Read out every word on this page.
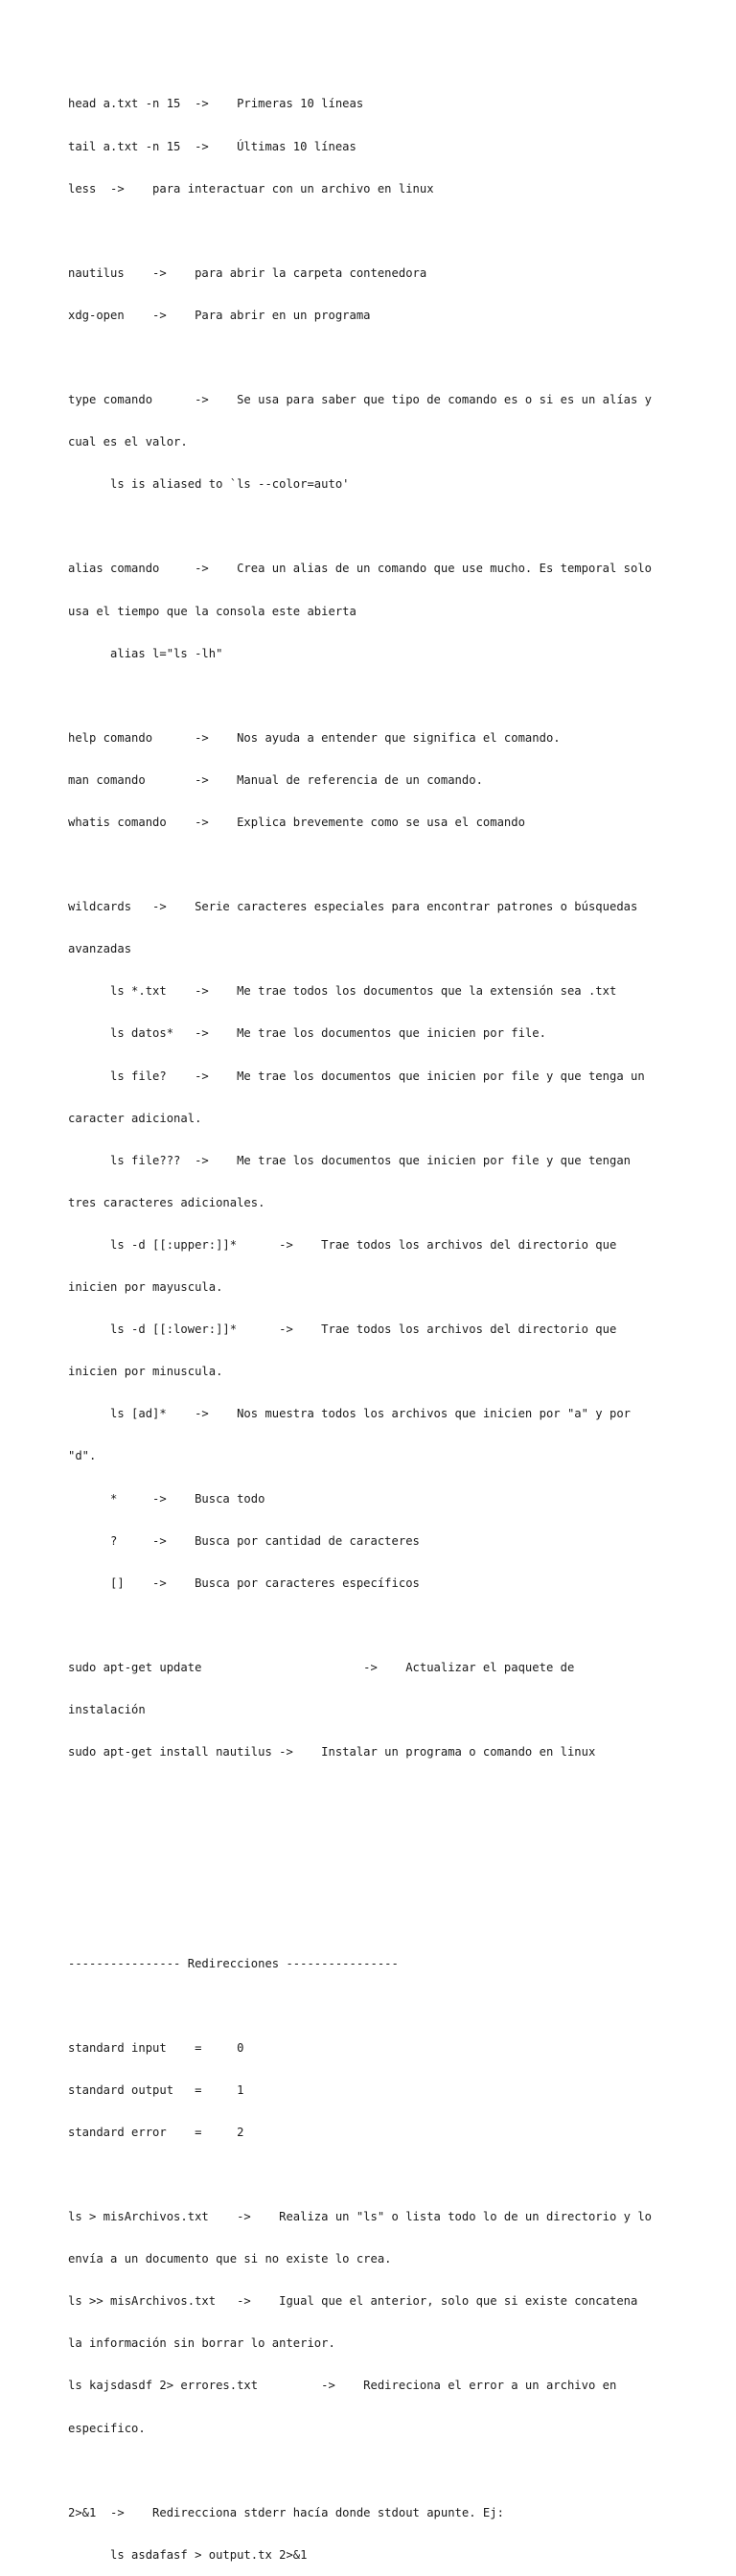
head a.txt -n 15  ->    Primeras 10 líneas

tail a.txt -n 15  ->    Últimas 10 líneas

less  ->    para interactuar con un archivo en linux

nautilus    ->    para abrir la carpeta contenedora

xdg-open    ->    Para abrir en un programa

type comando      ->    Se usa para saber que tipo de comando es o si es un alías y

cual es el valor.

ls is aliased to `ls --color=auto'

alias comando     ->    Crea un alias de un comando que use mucho. Es temporal solo

usa el tiempo que la consola este abierta

alias l="ls -lh"

help comando      ->    Nos ayuda a entender que significa el comando.

man comando       ->    Manual de referencia de un comando.

whatis comando    ->    Explica brevemente como se usa el comando

wildcards   ->    Serie caracteres especiales para encontrar patrones o búsquedas

avanzadas

ls *.txt    ->    Me trae todos los documentos que la extensión sea .txt

ls datos*   ->    Me trae los documentos que inicien por file.

ls file?    ->    Me trae los documentos que inicien por file y que tenga un

caracter adicional.

ls file???  ->    Me trae los documentos que inicien por file y que tengan

tres caracteres adicionales.

ls -d [[:upper:]]*      ->    Trae todos los archivos del directorio que

inicien por mayuscula.

ls -d [[:lower:]]*      ->    Trae todos los archivos del directorio que

inicien por minuscula.

ls [ad]*    ->    Nos muestra todos los archivos que inicien por "a" y por

"d".

*     ->    Busca todo

?     ->    Busca por cantidad de caracteres

[]    ->    Busca por caracteres específicos

sudo apt-get update                       ->    Actualizar el paquete de

instalación

sudo apt-get install nautilus ->    Instalar un programa o comando en linux

---------------- Redirecciones ----------------

standard input    =     0

standard output   =     1

standard error    =     2

ls > misArchivos.txt    ->    Realiza un "ls" o lista todo lo de un directorio y lo

envía a un documento que si no existe lo crea.

ls >> misArchivos.txt   ->    Igual que el anterior, solo que si existe concatena

la información sin borrar lo anterior.

ls kajsdasdf 2> errores.txt         ->    Redireciona el error a un archivo en

especifico.

2>&1  ->    Redirecciona stderr hacía donde stdout apunte. Ej:

ls asdafasf > output.tx 2>&1
